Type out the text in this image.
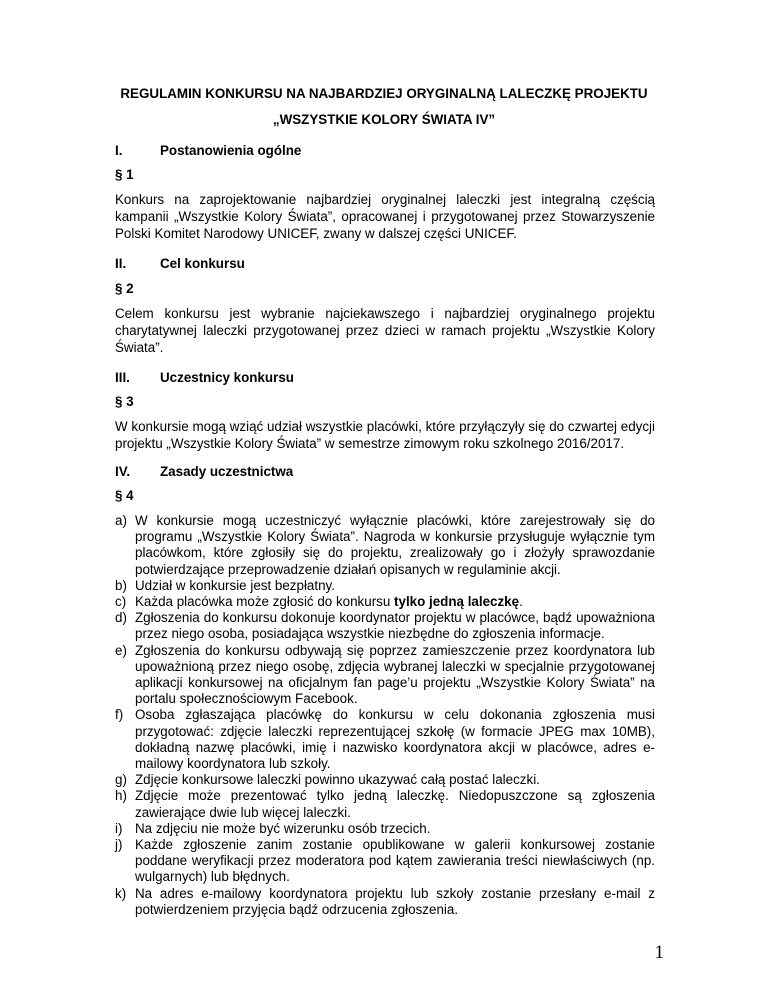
REGULAMIN KONKURSU NA NAJBARDZIEJ ORYGINALNĄ LALECZKĘ PROJEKTU
„WSZYSTKIE KOLORY ŚWIATA IV”
I.	Postanowienia ogólne
§ 1
Konkurs na zaprojektowanie najbardziej oryginalnej laleczki jest integralną częścią kampanii „Wszystkie Kolory Świata”, opracowanej i przygotowanej przez Stowarzyszenie Polski Komitet Narodowy UNICEF, zwany w dalszej części UNICEF.
II.	Cel konkursu
§ 2
Celem konkursu jest wybranie najciekawszego i najbardziej oryginalnego projektu charytatywnej laleczki przygotowanej przez dzieci w ramach projektu „Wszystkie Kolory Świata”.
III. Uczestnicy konkursu
§ 3
W konkursie mogą wziąć udział wszystkie placówki, które przyłączyły się do czwartej edycji projektu „Wszystkie Kolory Świata” w semestrze zimowym roku szkolnego 2016/2017.
IV. Zasady uczestnictwa
§ 4
a) W konkursie mogą uczestniczyć wyłącznie placówki, które zarejestrowały się do programu „Wszystkie Kolory Świata”. Nagroda w konkursie przysługuje wyłącznie tym placówkom, które zgłosiły się do projektu, zrealizowały go i złożyły sprawozdanie potwierdzające przeprowadzenie działań opisanych w regulaminie akcji.
b) Udział w konkursie jest bezpłatny.
c) Każda placówka może zgłosić do konkursu tylko jedną laleczkę.
d) Zgłoszenia do konkursu dokonuje koordynator projektu w placówce, bądź upoważniona przez niego osoba, posiadająca wszystkie niezbędne do zgłoszenia informacje.
e) Zgłoszenia do konkursu odbywają się poprzez zamieszczenie przez koordynatora lub upoważnioną przez niego osobę, zdjęcia wybranej laleczki w specjalnie przygotowanej aplikacji konkursowej na oficjalnym fan page’u projektu „Wszystkie Kolory Świata” na portalu społecznościowym Facebook.
f) Osoba zgłaszająca placówkę do konkursu w celu dokonania zgłoszenia musi przygotować: zdjęcie laleczki reprezentującej szkołę (w formacie JPEG max 10MB), dokładną nazwę placówki, imię i nazwisko koordynatora akcji w placówce, adres e-mailowy koordynatora lub szkoły.
g) Zdjęcie konkursowe laleczki powinno ukazywać całą postać laleczki.
h) Zdjęcie może prezentować tylko jedną laleczkę. Niedopuszczone są zgłoszenia zawierające dwie lub więcej laleczki.
i) Na zdjęciu nie może być wizerunku osób trzecich.
j) Każde zgłoszenie zanim zostanie opublikowane w galerii konkursowej zostanie poddane weryfikacji przez moderatora pod kątem zawierania treści niewłaściwych (np. wulgarnych) lub błędnych.
k) Na adres e-mailowy koordynatora projektu lub szkoły zostanie przesłany e-mail z potwierdzeniem przyjęcia bądź odrzucenia zgłoszenia.
1
